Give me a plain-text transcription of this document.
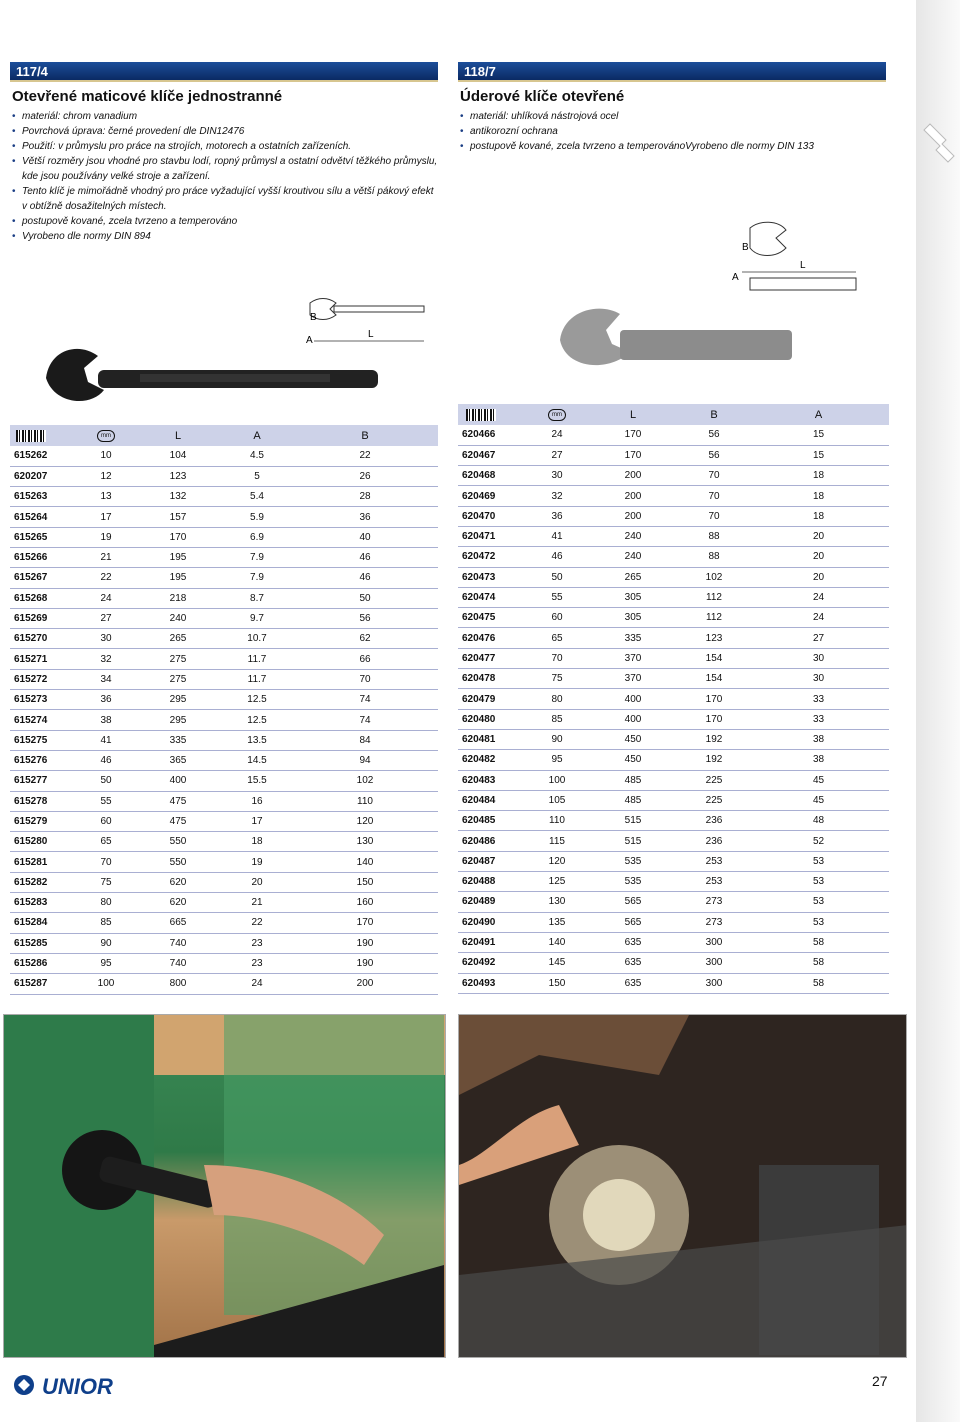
117/4
Otevřené maticové klíče jednostranné
• materiál: chrom vanadium
• Povrchová úprava: černé provedení dle DIN12476
• Použití: v průmyslu pro práce na strojích, motorech a ostatních zařízeních.
• Větší rozměry jsou vhodné pro stavbu lodí, ropný průmysl a ostatní odvětví těžkého průmyslu, kde jsou používány velké stroje a zařízení.
• Tento klíč je mimořádně vhodný pro práce vyžadující vyšší kroutivou sílu a větší pákový efekt v obtížně dosažitelných místech.
• postupově kované, zcela tvrzeno a temperováno
• Vyrobeno dle normy DIN 894
B
A
L
	mm	L	A	B
615262	10	104	4.5	22
620207	12	123	5	26
615263	13	132	5.4	28
615264	17	157	5.9	36
615265	19	170	6.9	40
615266	21	195	7.9	46
615267	22	195	7.9	46
615268	24	218	8.7	50
615269	27	240	9.7	56
615270	30	265	10.7	62
615271	32	275	11.7	66
615272	34	275	11.7	70
615273	36	295	12.5	74
615274	38	295	12.5	74
615275	41	335	13.5	84
615276	46	365	14.5	94
615277	50	400	15.5	102
615278	55	475	16	110
615279	60	475	17	120
615280	65	550	18	130
615281	70	550	19	140
615282	75	620	20	150
615283	80	620	21	160
615284	85	665	22	170
615285	90	740	23	190
615286	95	740	23	190
615287	100	800	24	200
118/7
Úderové klíče otevřené
• materiál: uhlíková nástrojová ocel
• antikorozní ochrana
• postupově kované, zcela tvrzeno a temperovánoVyrobeno dle normy DIN 133
B
A
L
	mm	L	B	A
620466	24	170	56	15
620467	27	170	56	15
620468	30	200	70	18
620469	32	200	70	18
620470	36	200	70	18
620471	41	240	88	20
620472	46	240	88	20
620473	50	265	102	20
620474	55	305	112	24
620475	60	305	112	24
620476	65	335	123	27
620477	70	370	154	30
620478	75	370	154	30
620479	80	400	170	33
620480	85	400	170	33
620481	90	450	192	38
620482	95	450	192	38
620483	100	485	225	45
620484	105	485	225	45
620485	110	515	236	48
620486	115	515	236	52
620487	120	535	253	53
620488	125	535	253	53
620489	130	565	273	53
620490	135	565	273	53
620491	140	635	300	58
620492	145	635	300	58
620493	150	635	300	58
UNIOR	27
